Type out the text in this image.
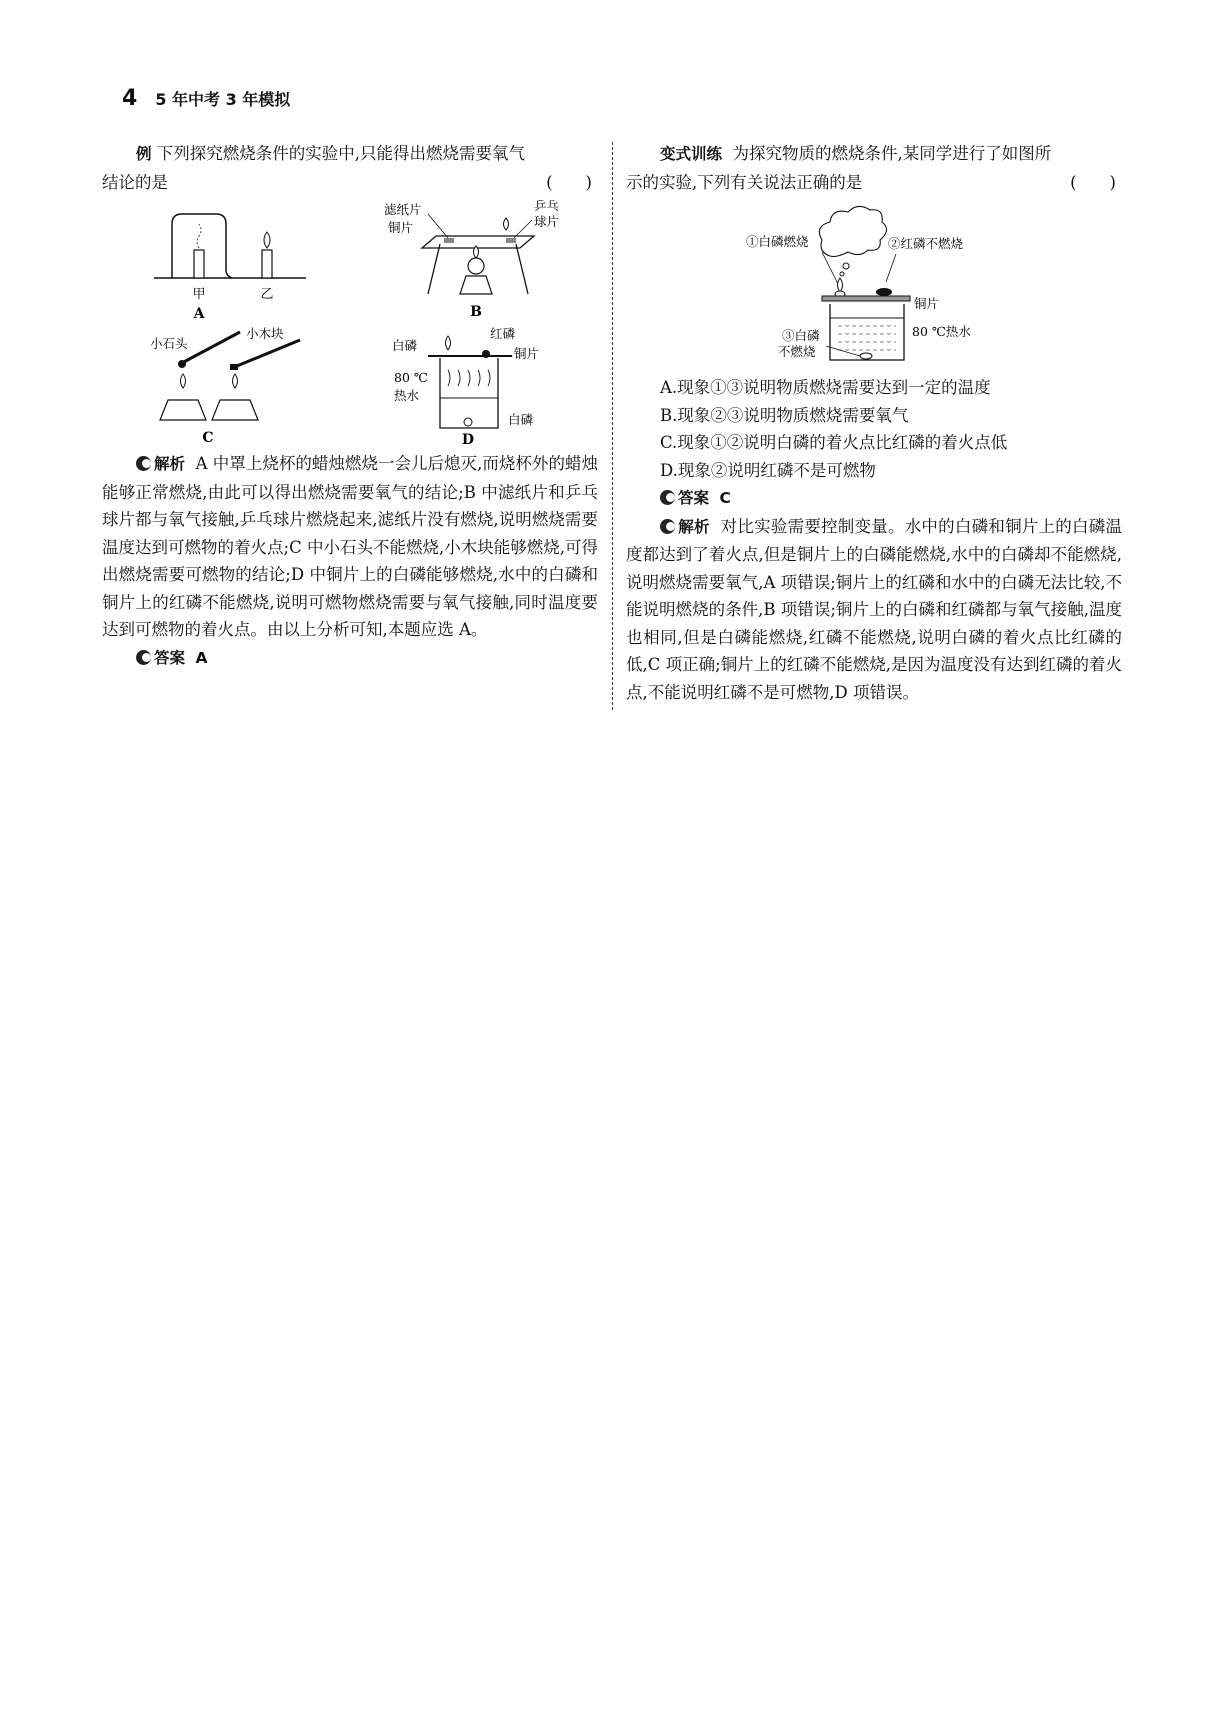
4 5 年中考 3 年模拟

例 下列探究燃烧条件的实验中,只能得出燃烧需要氧气

结论的是	(　　)

甲	乙
A
滤纸片
铜片
乒乓
球片
B
小石头
小木块
C
白磷
红磷
铜片
80 ℃
热水
白磷
D

解析 A 中罩上烧杯的蜡烛燃烧一会儿后熄灭,而烧杯外的蜡烛能够正常燃烧,由此可以得出燃烧需要氧气的结论;B 中滤纸片和乒乓球片都与氧气接触,乒乓球片燃烧起来,滤纸片没有燃烧,说明燃烧需要温度达到可燃物的着火点;C 中小石头不能燃烧,小木块能够燃烧,可得出燃烧需要可燃物的结论;D 中铜片上的白磷能够燃烧,水中的白磷和铜片上的红磷不能燃烧,说明可燃物燃烧需要与氧气接触,同时温度要达到可燃物的着火点。由以上分析可知,本题应选 A。

答案 A

变式训练 为探究物质的燃烧条件,某同学进行了如图所

示的实验,下列有关说法正确的是	(　　)

①白磷燃烧	②红磷不燃烧
铜片
80 ℃热水
③白磷
不燃烧

A.现象①③说明物质燃烧需要达到一定的温度

B.现象②③说明物质燃烧需要氧气

C.现象①②说明白磷的着火点比红磷的着火点低

D.现象②说明红磷不是可燃物

答案 C

解析 对比实验需要控制变量。水中的白磷和铜片上的白磷温度都达到了着火点,但是铜片上的白磷能燃烧,水中的白磷却不能燃烧,说明燃烧需要氧气,A 项错误;铜片上的红磷和水中的白磷无法比较,不能说明燃烧的条件,B 项错误;铜片上的白磷和红磷都与氧气接触,温度也相同,但是白磷能燃烧,红磷不能燃烧,说明白磷的着火点比红磷的低,C 项正确;铜片上的红磷不能燃烧,是因为温度没有达到红磷的着火点,不能说明红磷不是可燃物,D 项错误。
